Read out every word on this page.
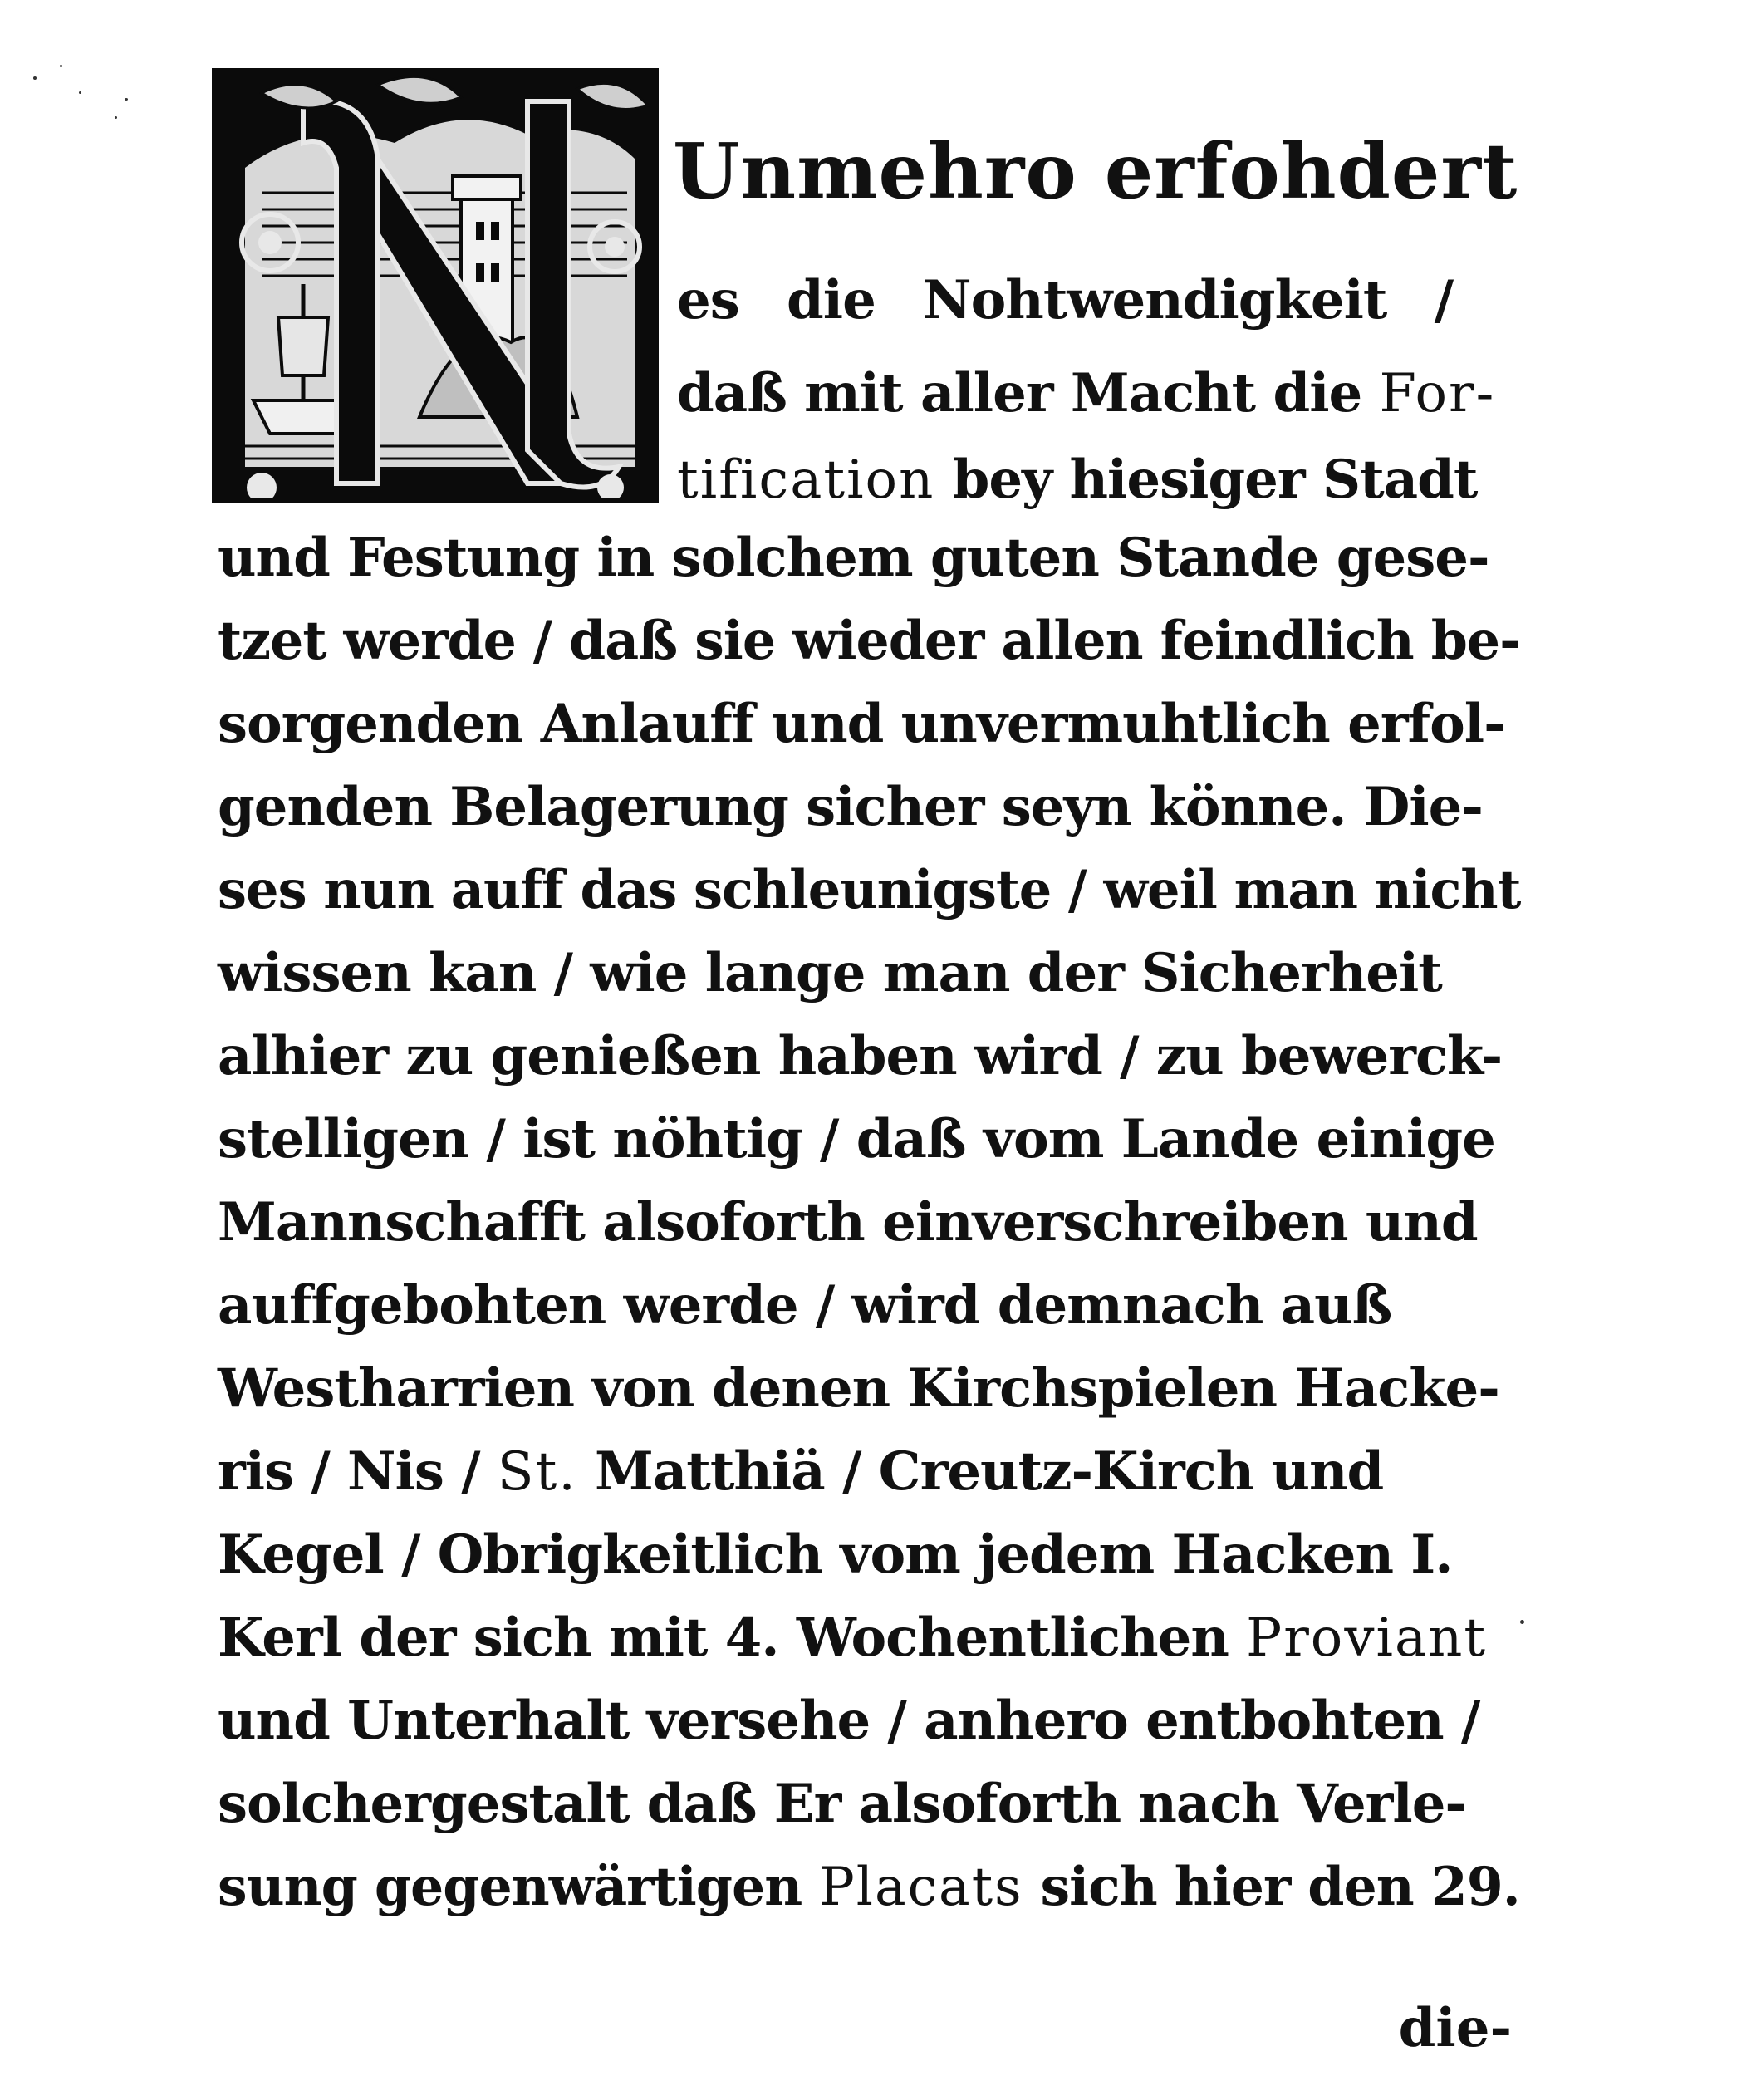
Unmehro erfohdert
es die Nohtwendigkeit /
daß mit aller Macht die For-
tification bey hiesiger Stadt
und Festung in solchem guten Stande gese-
tzet werde / daß sie wieder allen feindlich be-
sorgenden Anlauff und unvermuhtlich erfol-
genden Belagerung sicher seyn könne. Die-
ses nun auff das schleunigste / weil man nicht
wissen kan / wie lange man der Sicherheit
alhier zu genießen haben wird / zu bewerck-
stelligen / ist nöhtig / daß vom Lande einige
Mannschafft alsoforth einverschreiben und
auffgebohten werde / wird demnach auß
Westharrien von denen Kirchspielen Hacke-
ris / Nis / St. Matthiä / Creutz-Kirch und
Kegel / Obrigkeitlich vom jedem Hacken I.
Kerl der sich mit 4. Wochentlichen Proviant
und Unterhalt versehe / anhero entbohten /
solchergestalt daß Er alsoforth nach Verle-
sung gegenwärtigen Placats sich hier den 29.
die-
